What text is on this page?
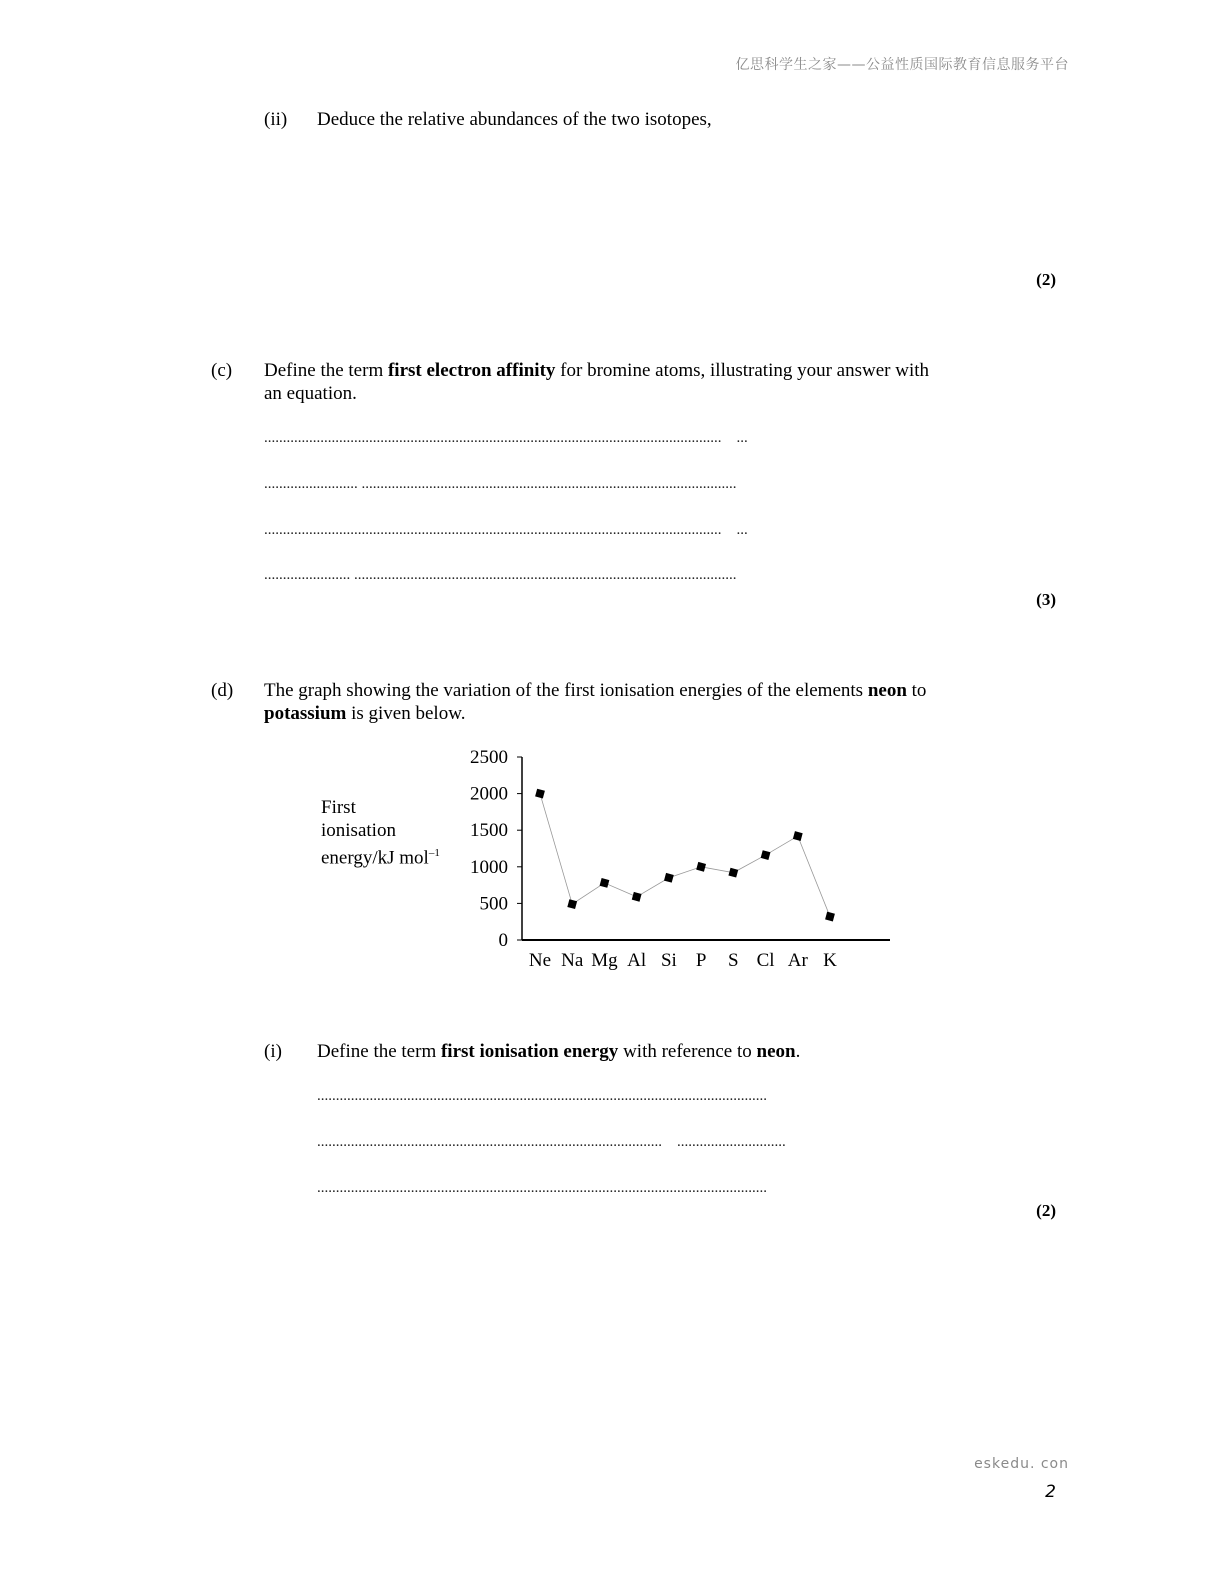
亿思科学生之家——公益性质国际教育信息服务平台
(ii) Deduce the relative abundances of the two isotopes,
(2)
(c) Define the term first electron affinity for bromine atoms, illustrating your answer with
an equation.
..........................................................................................................................    ...
......................... ....................................................................................................
..........................................................................................................................    ...
....................... ......................................................................................................
(3)
(d) The graph showing the variation of the first ionisation energies of the elements neon to
potassium is given below.
First
ionisation
energy/kJ mol$^{-1}$
0
500
1000
1500
2000
2500
Ne Na Mg Al Si P S Cl Ar K
(i) Define the term first ionisation energy with reference to neon.
........................................................................................................................
............................................................................................    .............................
........................................................................................................................
(2)
eskedu. con
2
